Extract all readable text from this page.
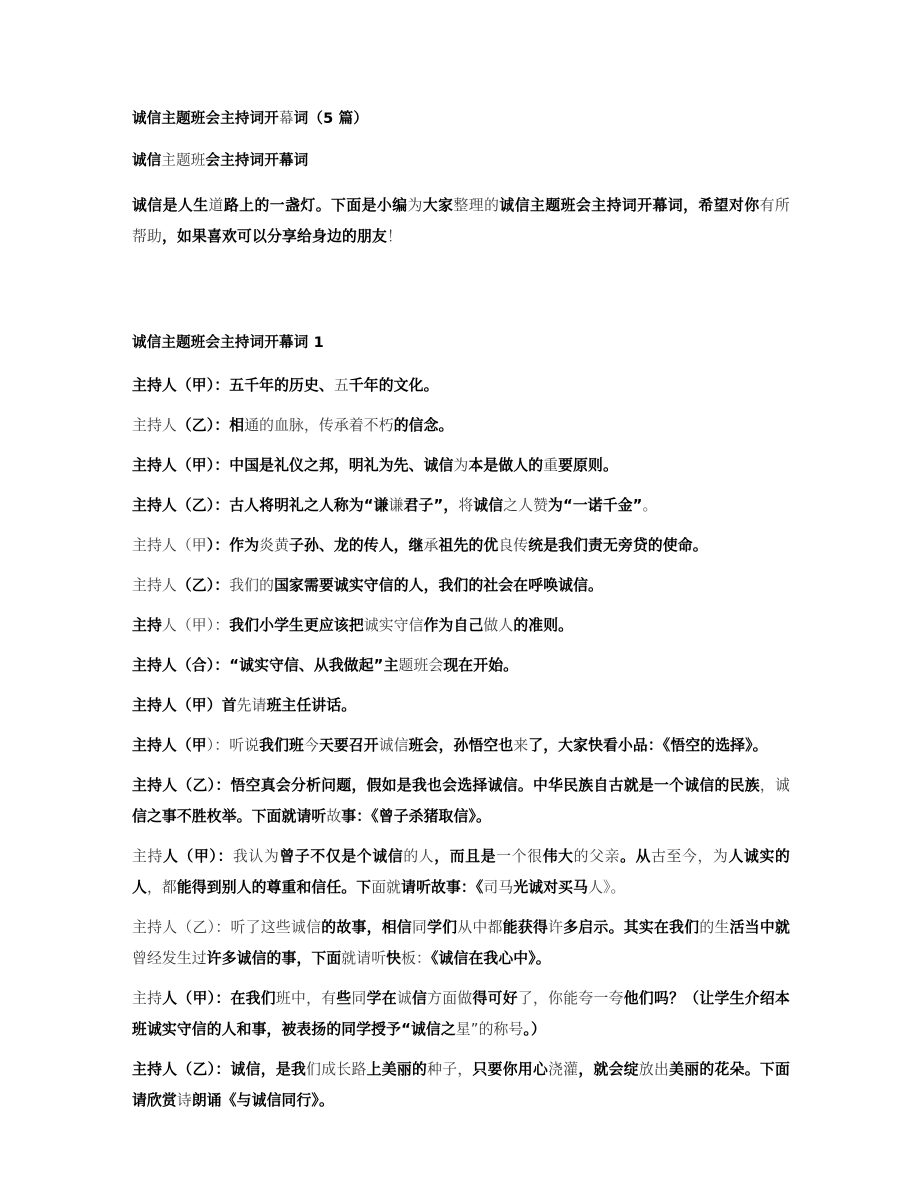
诚信主题班会主持词开幕词（5 篇）

诚信主题班会主持词开幕词

诚信是人生道路上的一盏灯。下面是小编为大家整理的诚信主题班会主持词开幕词，希望对你有所帮助，如果喜欢可以分享给身边的朋友！

诚信主题班会主持词开幕词 1

主持人（甲）：五千年的历史、五千年的文化。

主持人（乙）：相通的血脉，传承着不朽的信念。

主持人（甲）：中国是礼仪之邦，明礼为先、诚信为本是做人的重要原则。

主持人（乙）：古人将明礼之人称为“谦谦君子”，将诚信之人赞为“一诺千金”。

主持人（甲）：作为炎黄子孙、龙的传人，继承祖先的优良传统是我们责无旁贷的使命。

主持人（乙）：我们的国家需要诚实守信的人，我们的社会在呼唤诚信。

主持人（甲）：我们小学生更应该把诚实守信作为自己做人的准则。

主持人（合）：“诚实守信、从我做起”主题班会现在开始。

主持人（甲）首先请班主任讲话。

主持人（甲）：听说我们班今天要召开诚信班会，孙悟空也来了，大家快看小品：《悟空的选择》。

主持人（乙）：悟空真会分析问题，假如是我也会选择诚信。中华民族自古就是一个诚信的民族，诚信之事不胜枚举。下面就请听故事：《曾子杀猪取信》。

主持人（甲）：我认为曾子不仅是个诚信的人，而且是一个很伟大的父亲。从古至今，为人诚实的人，都能得到别人的尊重和信任。下面就请听故事：《司马光诚对买马人》。

主持人（乙）：听了这些诚信的故事，相信同学们从中都能获得许多启示。其实在我们的生活当中就曾经发生过许多诚信的事，下面就请听快板：《诚信在我心中》。

主持人（甲）：在我们班中，有些同学在诚信方面做得可好了，你能夸一夸他们吗？（让学生介绍本班诚实守信的人和事，被表扬的同学授予“诚信之星”的称号。）

主持人（乙）：诚信，是我们成长路上美丽的种子，只要你用心浇灌，就会绽放出美丽的花朵。下面请欣赏诗朗诵《与诚信同行》。
